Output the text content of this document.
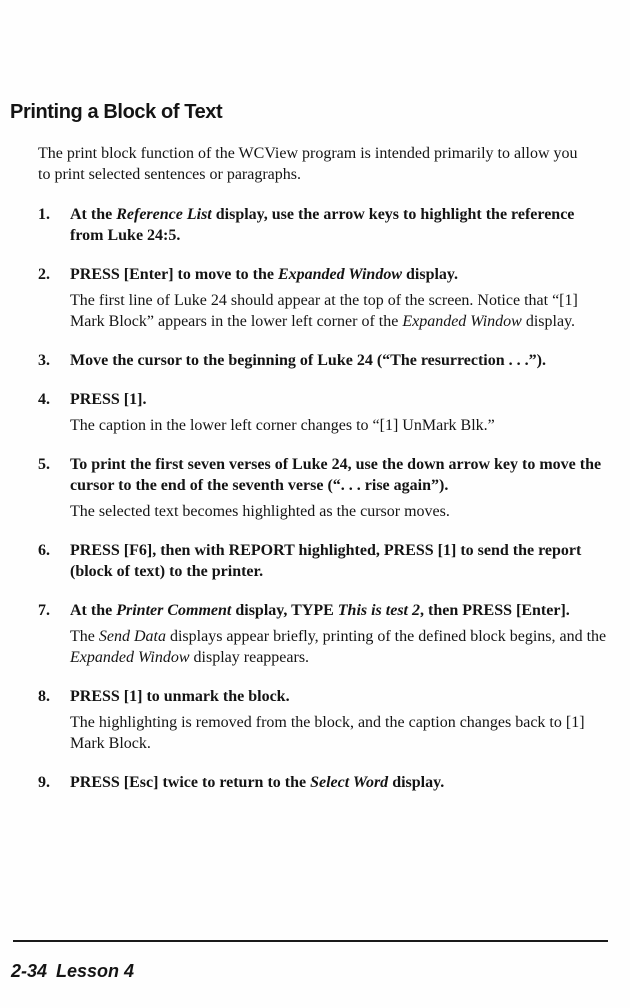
Printing a Block of Text
The print block function of the WCView program is intended primarily to allow you to print selected sentences or paragraphs.
1.	At the Reference List display, use the arrow keys to highlight the reference from Luke 24:5.
2.	PRESS [Enter] to move to the Expanded Window display.
The first line of Luke 24 should appear at the top of the screen. Notice that “[1] Mark Block” appears in the lower left corner of the Expanded Window display.
3.	Move the cursor to the beginning of Luke 24 (“The resurrection . . .”).
4.	PRESS [1].
The caption in the lower left corner changes to “[1] UnMark Blk.”
5.	To print the first seven verses of Luke 24, use the down arrow key to move the cursor to the end of the seventh verse (“. . . rise again”).
The selected text becomes highlighted as the cursor moves.
6.	PRESS [F6], then with REPORT highlighted, PRESS [1] to send the report (block of text) to the printer.
7.	At the Printer Comment display, TYPE This is test 2, then PRESS [Enter].
The Send Data displays appear briefly, printing of the defined block begins, and the Expanded Window display reappears.
8.	PRESS [1] to unmark the block.
The highlighting is removed from the block, and the caption changes back to [1] Mark Block.
9.	PRESS [Esc] twice to return to the Select Word display.
2-34 Lesson 4
